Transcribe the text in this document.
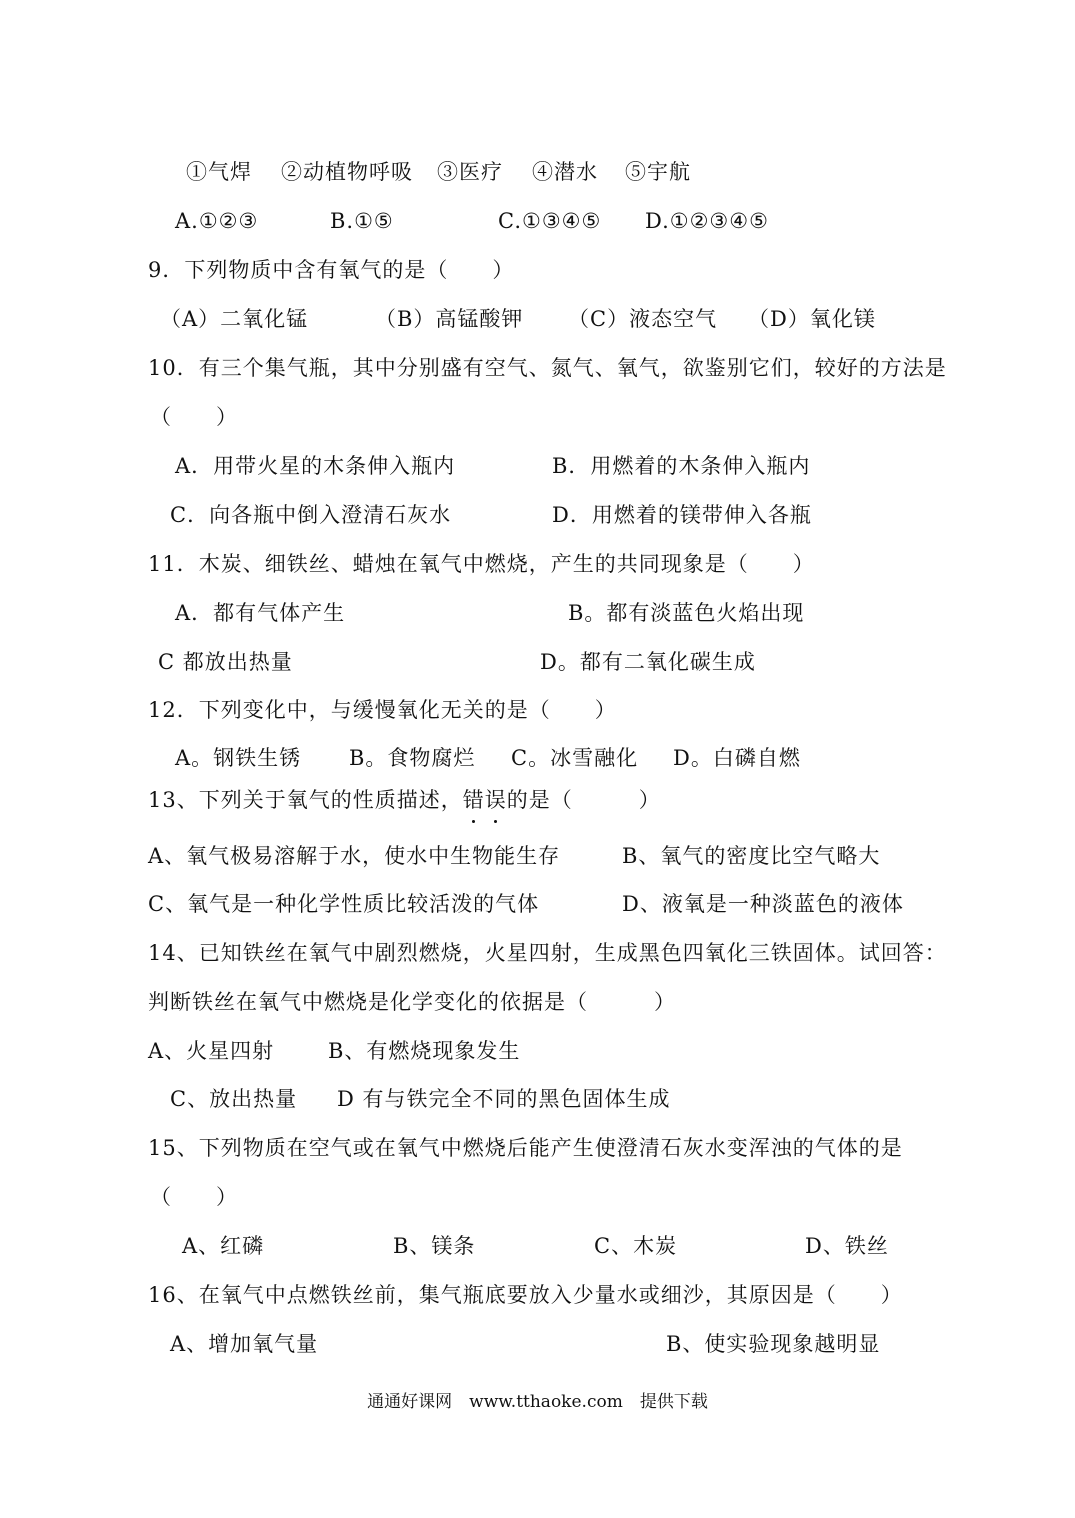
①气焊 ②动植物呼吸 ③医疗 ④潜水 ⑤宇航
A.①②③	B.①⑤	C.①③④⑤ D.①②③④⑤
9．下列物质中含有氧气的是（　　）
（A）二氧化锰	（B）高锰酸钾 （C）液态空气 （D）氧化镁
10．有三个集气瓶，其中分别盛有空气、氮气、氧气，欲鉴别它们，较好的方法是
（　　）
A．用带火星的木条伸入瓶内	B．用燃着的木条伸入瓶内
C．向各瓶中倒入澄清石灰水	D．用燃着的镁带伸入各瓶
11．木炭、细铁丝、蜡烛在氧气中燃烧，产生的共同现象是（　　）
A．都有气体产生	B。都有淡蓝色火焰出现
C 都放出热量	D。都有二氧化碳生成
12．下列变化中，与缓慢氧化无关的是（　　）
A。钢铁生锈 B。食物腐烂 C。冰雪融化 D。白磷自燃
13、下列关于氧气的性质描述，错误
的是（　　　）
A、氧气极易溶解于水，使水中生物能生存	B、氧气的密度比空气略大
C、氧气是一种化学性质比较活泼的气体	D、液氧是一种淡蓝色的液体
14、已知铁丝在氧气中剧烈燃烧，火星四射，生成黑色四氧化三铁固体。试回答：
判断铁丝在氧气中燃烧是化学变化的依据是（　　　）
A、火星四射	B、有燃烧现象发生
C、放出热量 D 有与铁完全不同的黑色固体生成
15、下列物质在空气或在氧气中燃烧后能产生使澄清石灰水变浑浊的气体的是
（　　）
A、红磷	B、镁条	C、木炭	D、铁丝
16、在氧气中点燃铁丝前，集气瓶底要放入少量水或细沙，其原因是（　　）
A、增加氧气量	B、使实验现象越明显
通通好课网　www.tthaoke.com　提供下载
